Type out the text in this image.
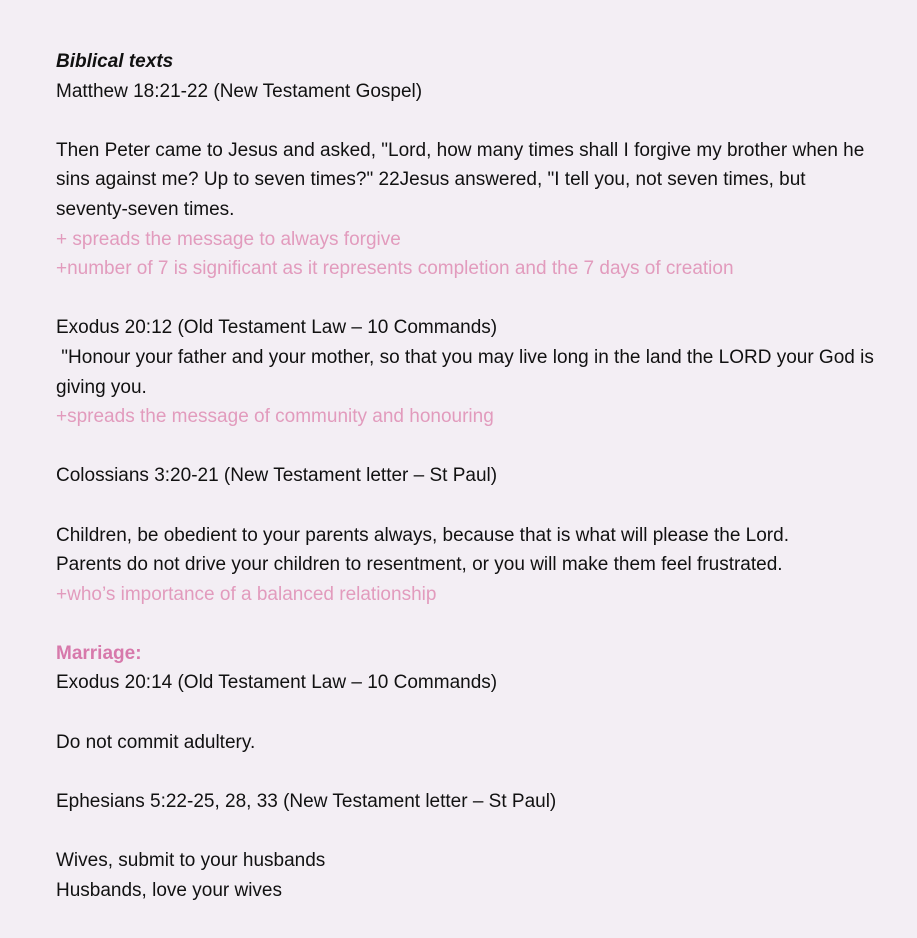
Biblical texts
Matthew 18:21-22 (New Testament Gospel)
Then Peter came to Jesus and asked, "Lord, how many times shall I forgive my brother when he sins against me? Up to seven times?" 22Jesus answered, "I tell you, not seven times, but seventy-seven times.
+ spreads the message to always forgive
+number of 7 is significant as it represents completion and the 7 days of creation
Exodus 20:12 (Old Testament Law – 10 Commands)
"Honour your father and your mother, so that you may live long in the land the LORD your God is giving you.
+spreads the message of community and honouring
Colossians 3:20-21 (New Testament letter – St Paul)
Children, be obedient to your parents always, because that is what will please the Lord.
Parents do not drive your children to resentment, or you will make them feel frustrated.
+who’s importance of a balanced relationship
Marriage:
Exodus 20:14 (Old Testament Law – 10 Commands)
Do not commit adultery.
Ephesians 5:22-25, 28, 33 (New Testament letter – St Paul)
Wives, submit to your husbands
Husbands, love your wives
